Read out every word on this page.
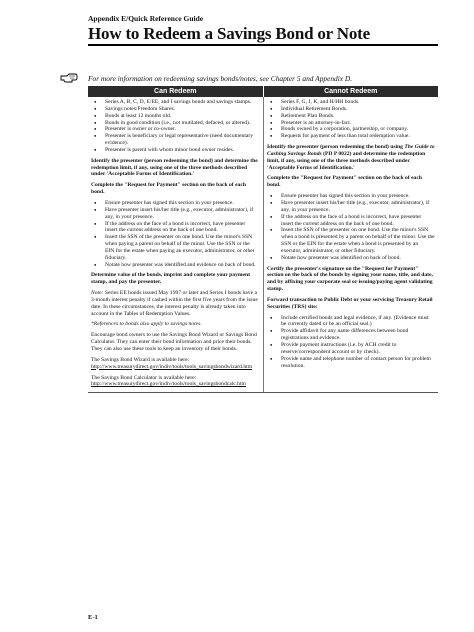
Appendix E/Quick Reference Guide
How to Redeem a Savings Bond or Note
For more information on redeeming savings bonds/notes, see Chapter 5 and Appendix D.
Can Redeem	Cannot Redeem
● Series A, B, C, D, E/EE, and I savings bonds and savings stamps.
● Savings notes/Freedom Shares.
● Bonds at least 12 months old.
● Bonds in good condition (i.e., not mutilated, defaced, or altered).
● Presenter is owner or co-owner.
● Presenter is beneficiary or legal representative (need documentary evidence).
● Presenter is parent with whom minor bond owner resides.
Identify the presenter (person redeeming the bond) and determine the redemption limit, if any, using one of the three methods described under 'Acceptable Forms of Identification.'
Complete the "Request for Payment" section on the back of each bond.
● Ensure presenter has signed this section in your presence.
● Have presenter insert his/her title (e.g., executor, administrator), if any, in your presence.
● If the address on the face of a bond is incorrect, have presenter insert the current address on the back of one bond.
● Insert the SSN of the presenter on one bond. Use the minor's SSN when paying a parent on behalf of the minor. Use the SSN or the EIN for the estate when paying an executor, administrator, or other fiduciary.
● Notate how presenter was identified and evidence on back of bond.
Determine value of the bonds, imprint and complete your payment stamp, and pay the presenter.
Note: Series EE bonds issued May 1997 or later and Series I bonds have a 3-month interest penalty if cashed within the first five years from the issue date. In these circumstances, the interest penalty is already taken into account in the Tables of Redemption Values.
*References to bonds also apply to savings notes.
Encourage bond owners to use the Savings Bond Wizard or Savings Bond Calculator. They can enter their bond information and price their bonds. They can also use these tools to keep an inventory of their bonds.
The Savings Bond Wizard is available here:
http://www.treasurydirect.gov/indiv/tools/tools_savingsbondwizard.htm
The Savings Bond Calculator is available here:
http://www.treasurydirect.gov/indiv/tools/tools_savingsbondcalc.htm
● Series F, G, J, K, and H/HH bonds.
● Individual Retirement Bonds.
● Retirement Plan Bonds.
● Presenter is an attorney-in-fact.
● Bonds owned by a corporation, partnership, or company.
● Requests for payment of less than total redemption value.
Identify the presenter (person redeeming the bond) using The Guide to Cashing Savings Bonds (PD P 0022) and determine the redemption limit, if any, using one of the three methods described under 'Acceptable Forms of Identification.'
Complete the "Request for Payment" section on the back of each bond.
● Ensure presenter has signed this section in your presence.
● Have presenter insert his/her title (e.g., executor, administrator), if any, in your presence.
● If the address on the face of a bond is incorrect, have presenter insert the current address on the back of one bond.
● Insert the SSN of the presenter on one bond. Use the minor's SSN when a bond is presented by a parent on behalf of the minor. Use the SSN or the EIN for the estate when a bond is presented by an executor, administrator, or other fiduciary.
● Notate how presenter was identified on back of bond.
Certify the presenter's signature on the "Request for Payment" section on the back of the bonds by signing your name, title, and date, and by affixing your corporate seal or issuing/paying agent validating stamp.
Forward transaction to Public Debt or your servicing Treasury Retail Securities (TRS) site:
● Include certified bonds and legal evidence, if any. (Evidence must be currently dated or be an official seal.)
● Provide affidavit for any name differences between bond registrations and evidence.
● Provide payment instructions (i.e. by ACH credit to reserve/correspondent account or by check).
● Provide name and telephone number of contact person for problem resolution.
E-1
